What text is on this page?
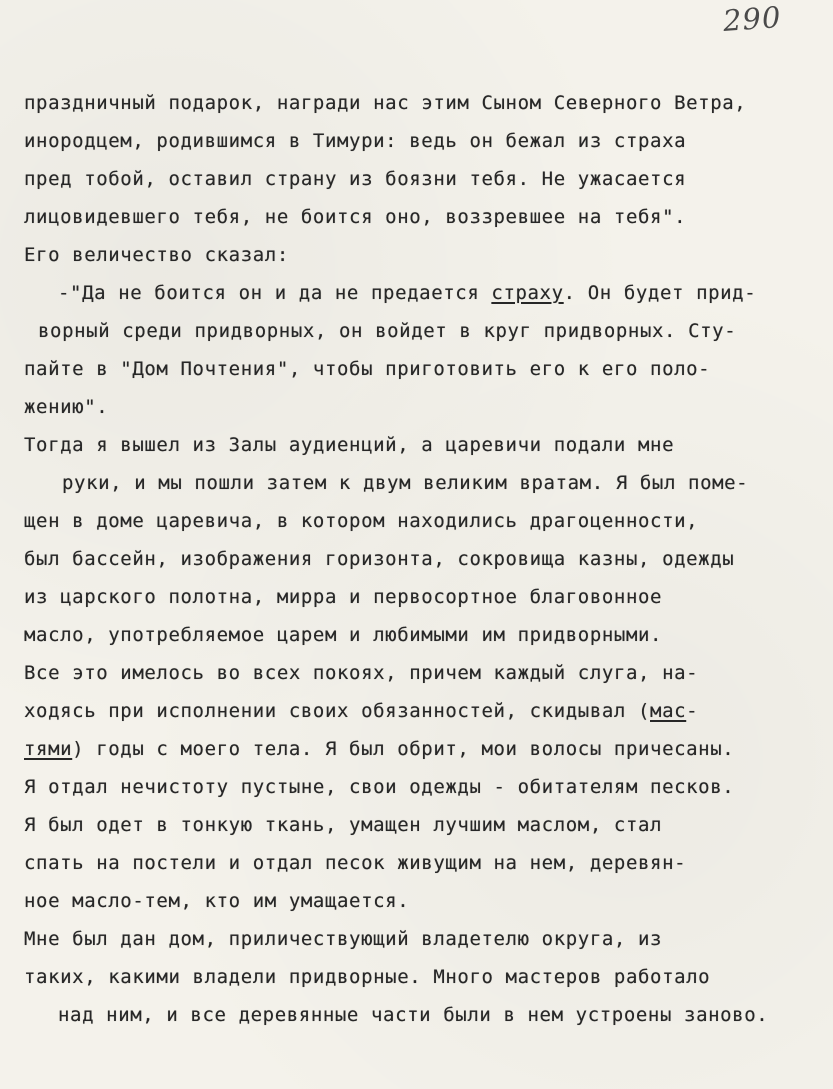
290
праздничный подарок, награди нас этим Сыном Северного Ветра,
инородцем, родившимся в Тимури: ведь он бежал из страха
пред тобой, оставил страну из боязни тебя. Не ужасается
лицовидевшего тебя, не боится оно, воззревшее на тебя".
Его величество сказал:
-"Да не боится он и да не предается страху. Он будет прид-
ворный среди придворных, он войдет в круг придворных. Сту-
пайте в "Дом Почтения", чтобы приготовить его к его поло-
жению".
Тогда я вышел из Залы аудиенций, а царевичи подали мне
руки, и мы пошли затем к двум великим вратам. Я был поме-
щен в доме царевича, в котором находились драгоценности,
был бассейн, изображения горизонта, сокровища казны, одежды
из царского полотна, мирра и первосортное благовонное
масло, употребляемое царем и любимыми им придворными.
Все это имелось во всех покоях, причем каждый слуга, на-
ходясь при исполнении своих обязанностей, скидывал (мас-
тями) годы с моего тела. Я был обрит, мои волосы причесаны.
Я отдал нечистоту пустыне, свои одежды - обитателям песков.
Я был одет в тонкую ткань, умащен лучшим маслом, стал
спать на постели и отдал песок живущим на нем, деревян-
ное масло-тем, кто им умащается.
Мне был дан дом, приличествующий владетелю округа, из
таких, какими владели придворные. Много мастеров работало
над ним, и все деревянные части были в нем устроены заново.
